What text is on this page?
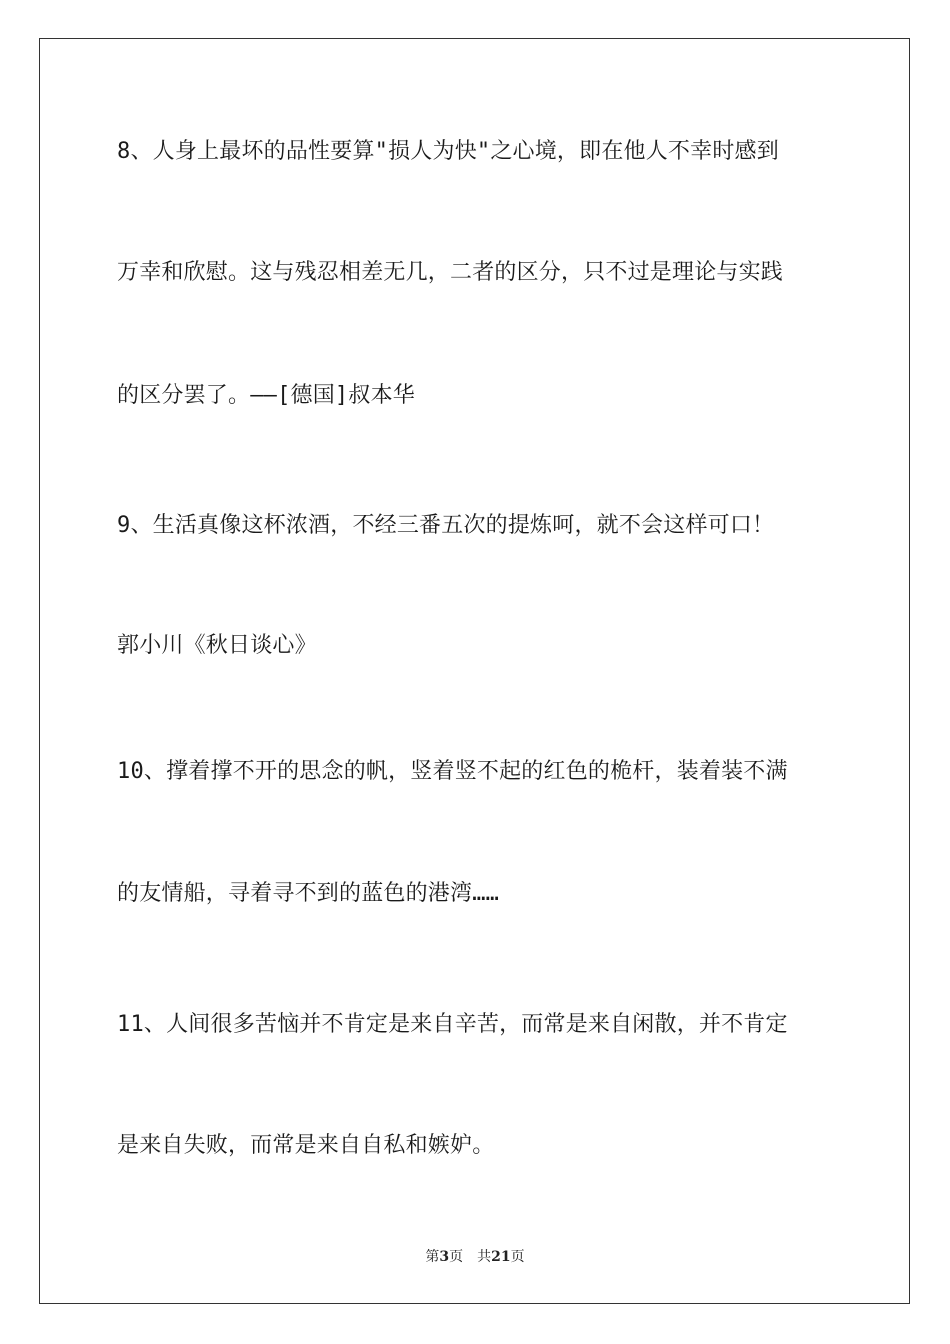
8、人身上最坏的品性要算"损人为快"之心境，即在他人不幸时感到
万幸和欣慰。这与残忍相差无几，二者的区分，只不过是理论与实践
的区分罢了。——[德国]叔本华
9、生活真像这杯浓酒，不经三番五次的提炼呵，就不会这样可口！
郭小川《秋日谈心》
10、撑着撑不开的思念的帆，竖着竖不起的红色的桅杆，装着装不满
的友情船，寻着寻不到的蓝色的港湾……
11、人间很多苦恼并不肯定是来自辛苦，而常是来自闲散，并不肯定
是来自失败，而常是来自自私和嫉妒。
第3页 共21页
